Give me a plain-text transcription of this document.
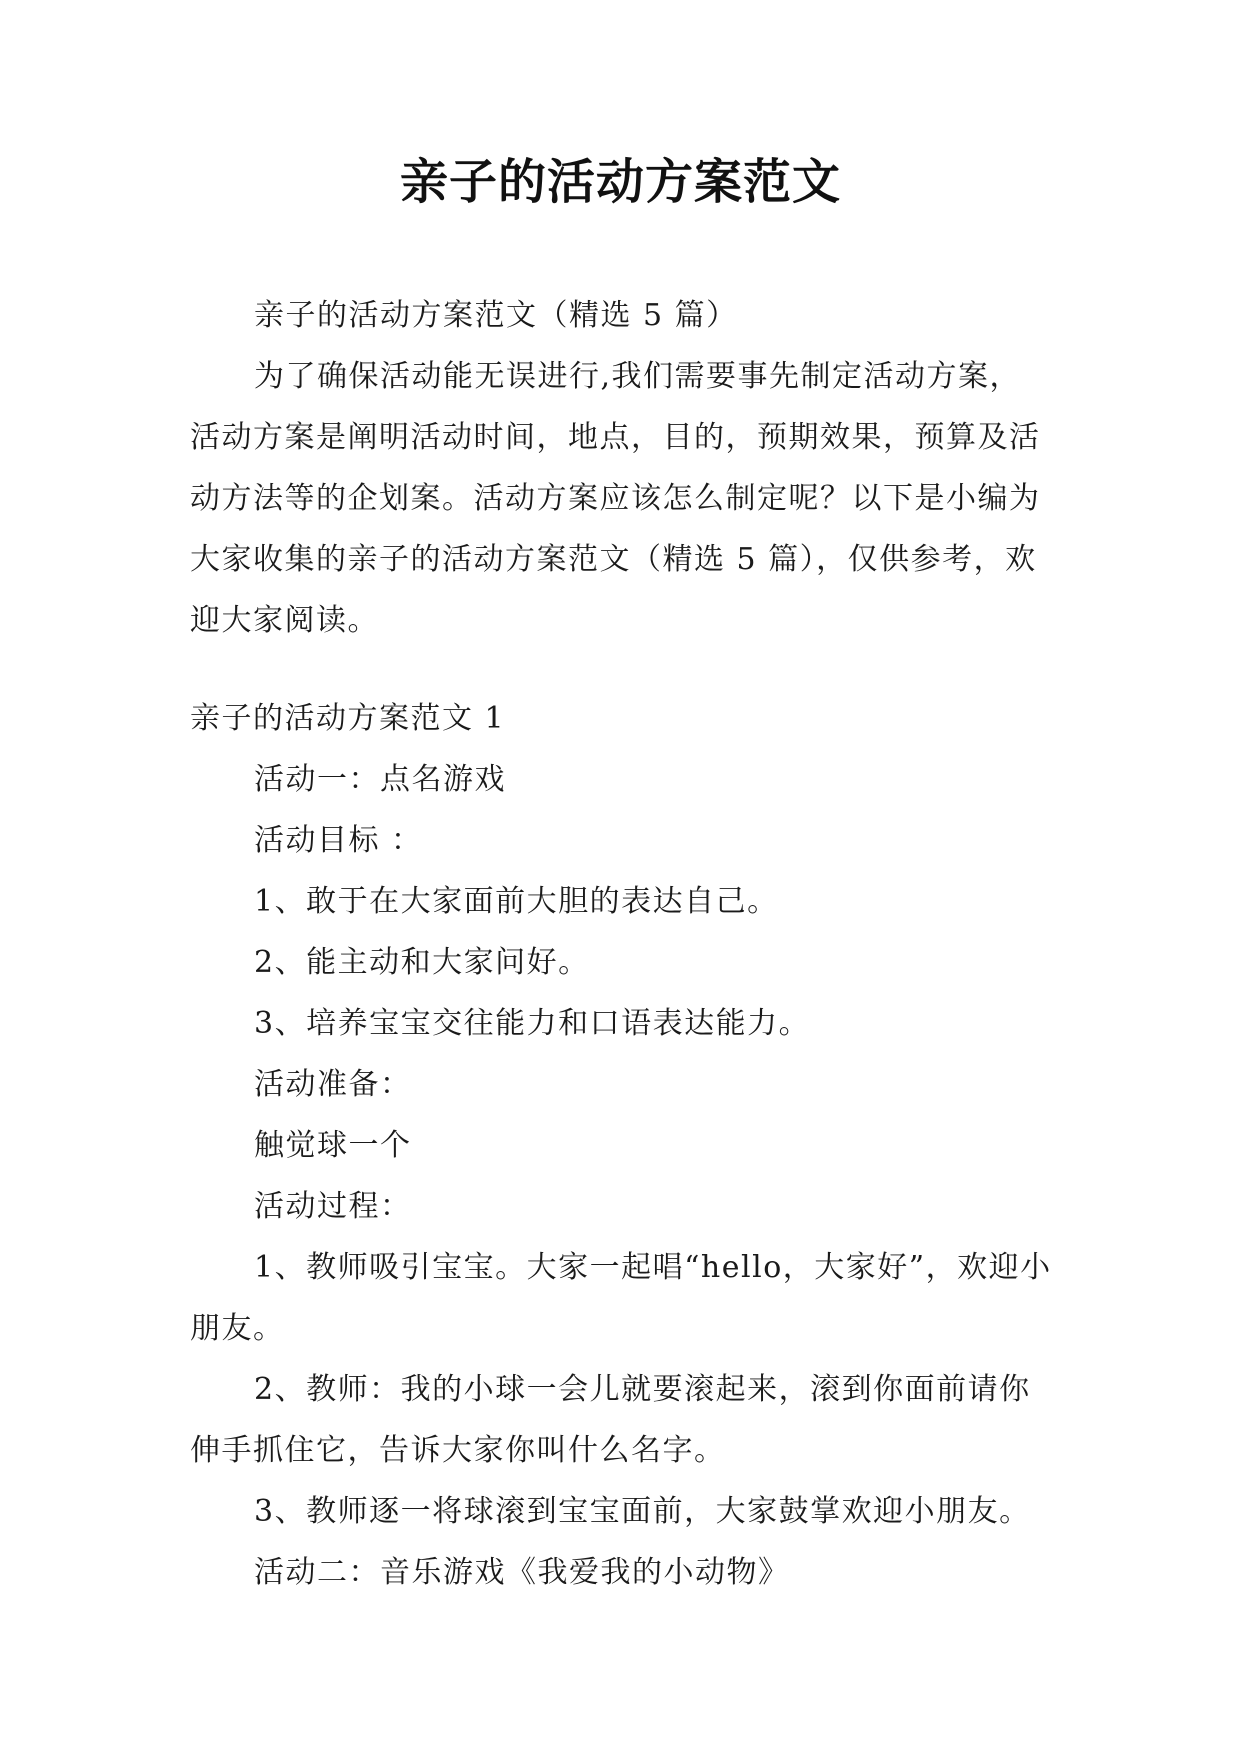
亲子的活动方案范文

亲子的活动方案范文（精选 5 篇）

为了确保活动能无误进行,我们需要事先制定活动方案，活动方案是阐明活动时间，地点，目的，预期效果，预算及活动方法等的企划案。活动方案应该怎么制定呢？以下是小编为大家收集的亲子的活动方案范文（精选 5 篇），仅供参考，欢迎大家阅读。

亲子的活动方案范文 1

活动一：点名游戏

活动目标 ：

1、敢于在大家面前大胆的表达自己。

2、能主动和大家问好。

3、培养宝宝交往能力和口语表达能力。

活动准备：

触觉球一个

活动过程：

1、教师吸引宝宝。大家一起唱“hello，大家好”，欢迎小朋友。

2、教师：我的小球一会儿就要滚起来，滚到你面前请你伸手抓住它，告诉大家你叫什么名字。

3、教师逐一将球滚到宝宝面前，大家鼓掌欢迎小朋友。

活动二：音乐游戏《我爱我的小动物》
